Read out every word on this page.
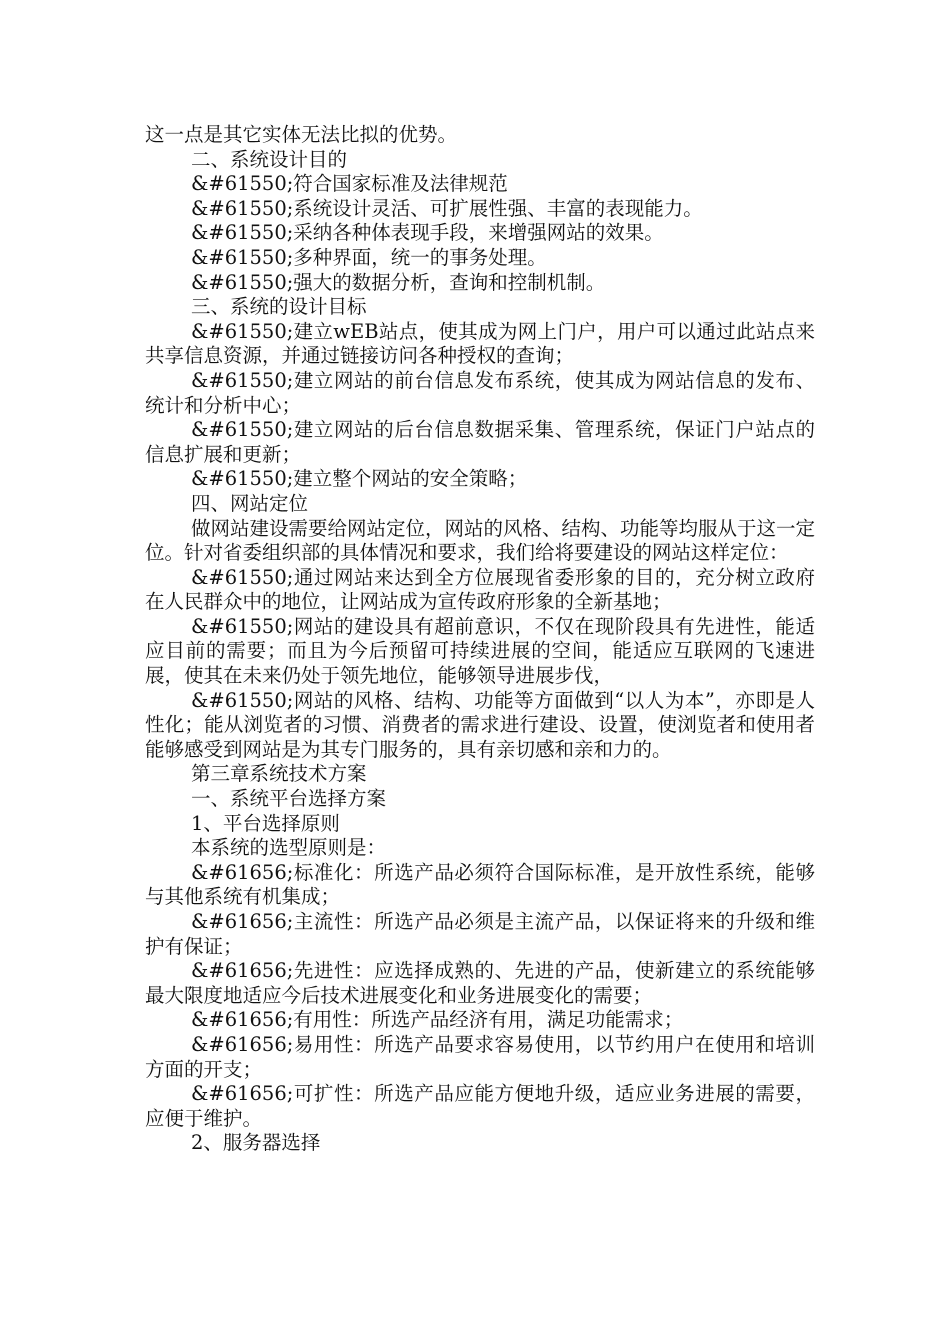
这一点是其它实体无法比拟的优势。

二、系统设计目的

&#61550;符合国家标准及法律规范

&#61550;系统设计灵活、可扩展性强、丰富的表现能力。

&#61550;采纳各种体表现手段，来增强网站的效果。

&#61550;多种界面，统一的事务处理。

&#61550;强大的数据分析，查询和控制机制。

三、系统的设计目标

&#61550;建立wEB站点，使其成为网上门户，用户可以通过此站点来共享信息资源，并通过链接访问各种授权的查询；

&#61550;建立网站的前台信息发布系统，使其成为网站信息的发布、统计和分析中心；

&#61550;建立网站的后台信息数据采集、管理系统，保证门户站点的信息扩展和更新；

&#61550;建立整个网站的安全策略；

四、网站定位

做网站建设需要给网站定位，网站的风格、结构、功能等均服从于这一定位。针对省委组织部的具体情况和要求，我们给将要建设的网站这样定位：

&#61550;通过网站来达到全方位展现省委形象的目的，充分树立政府在人民群众中的地位，让网站成为宣传政府形象的全新基地；

&#61550;网站的建设具有超前意识，不仅在现阶段具有先进性，能适应目前的需要；而且为今后预留可持续进展的空间，能适应互联网的飞速进展，使其在未来仍处于领先地位，能够领导进展步伐，

&#61550;网站的风格、结构、功能等方面做到“以人为本”，亦即是人性化；能从浏览者的习惯、消费者的需求进行建设、设置，使浏览者和使用者能够感受到网站是为其专门服务的，具有亲切感和亲和力的。

第三章系统技术方案

一、系统平台选择方案

1、平台选择原则

本系统的选型原则是：

&#61656;标准化：所选产品必须符合国际标准，是开放性系统，能够与其他系统有机集成；

&#61656;主流性：所选产品必须是主流产品，以保证将来的升级和维护有保证；

&#61656;先进性：应选择成熟的、先进的产品，使新建立的系统能够最大限度地适应今后技术进展变化和业务进展变化的需要；

&#61656;有用性：所选产品经济有用，满足功能需求；

&#61656;易用性：所选产品要求容易使用，以节约用户在使用和培训方面的开支；

&#61656;可扩性：所选产品应能方便地升级，适应业务进展的需要，应便于维护。

2、服务器选择
